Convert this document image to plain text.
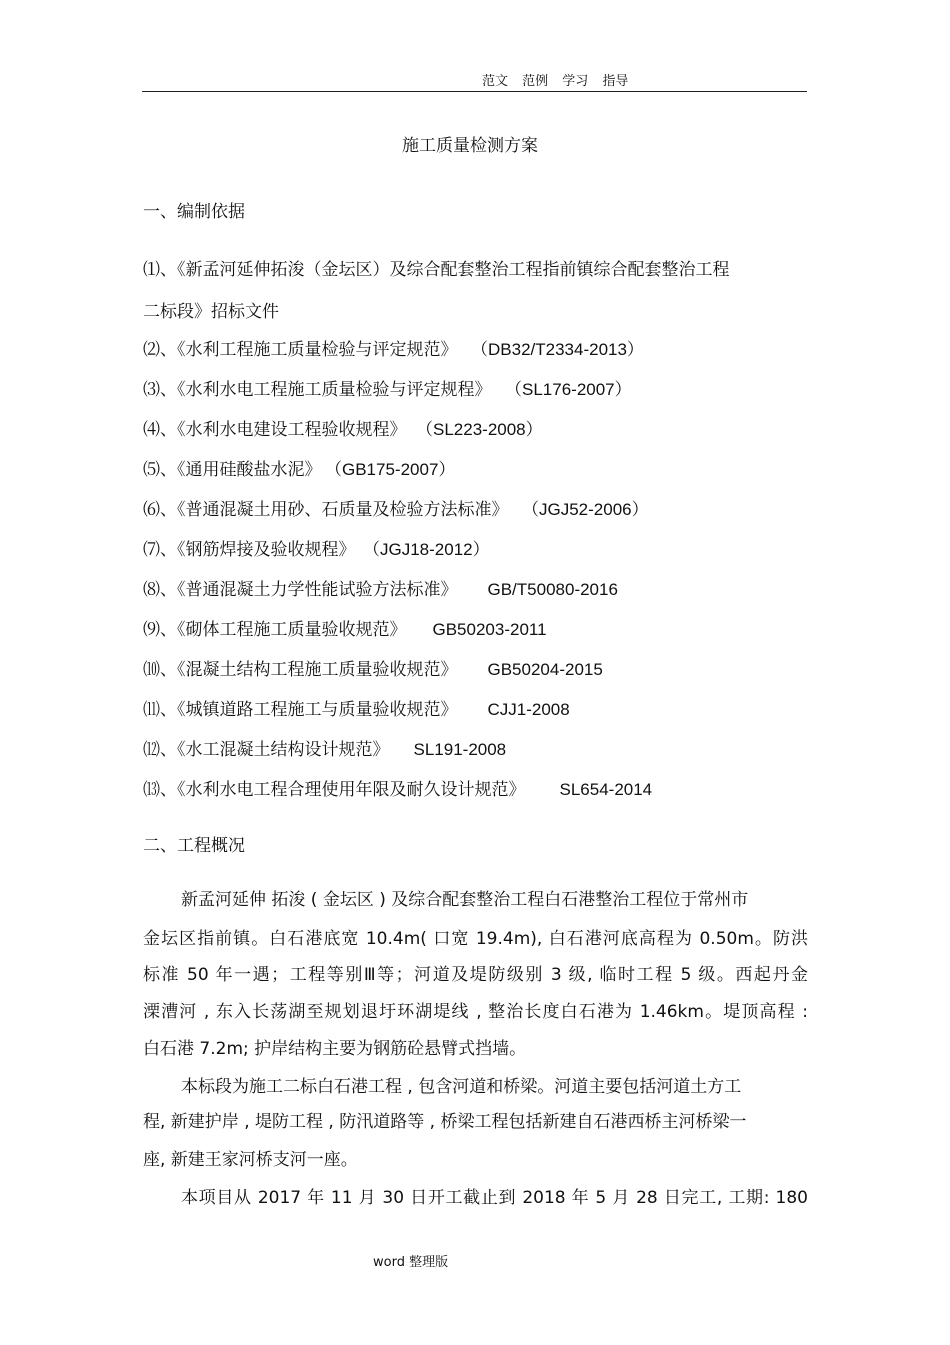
范文 范例 学习 指导
施工质量检测方案
一、编制依据
⑴、《新孟河延伸拓浚（金坛区）及综合配套整治工程指前镇综合配套整治工程
二标段》招标文件
⑵、《水利工程施工质量检验与评定规范》 （DB32/T2334-2013）
⑶、《水利水电工程施工质量检验与评定规程》 （SL176-2007）
⑷、《水利水电建设工程验收规程》 （SL223-2008）
⑸、《通用硅酸盐水泥》 （GB175-2007）
⑹、《普通混凝土用砂、石质量及检验方法标准》 （JGJ52-2006）
⑺、《钢筋焊接及验收规程》 （JGJ18-2012）
⑻、《普通混凝土力学性能试验方法标准》 GB/T50080-2016
⑼、《砌体工程施工质量验收规范》 GB50203-2011
⑽、《混凝土结构工程施工质量验收规范》 GB50204-2015
⑾、《城镇道路工程施工与质量验收规范》 CJJ1-2008
⑿、《水工混凝土结构设计规范》 SL191-2008
⒀、《水利水电工程合理使用年限及耐久设计规范》 SL654-2014
二、工程概况
新孟河延伸 拓浚 ( 金坛区 ) 及综合配套整治工程白石港整治工程位于常州市
金坛区指前镇。白石港底宽 10.4m( 口宽 19.4m), 白石港河底高程为 0.50m。防洪
标准 50 年一遇；工程等别Ⅲ等；河道及堤防级别 3 级, 临时工程 5 级。西起丹金
溧漕河 , 东入长荡湖至规划退圩环湖堤线 , 整治长度白石港为 1.46km。堤顶高程 :
白石港 7.2m; 护岸结构主要为钢筋砼悬臂式挡墙。
本标段为施工二标白石港工程 , 包含河道和桥梁。河道主要包括河道土方工
程, 新建护岸 , 堤防工程 , 防汛道路等 , 桥梁工程包括新建自石港西桥主河桥梁一
座, 新建王家河桥支河一座。
本项目从 2017 年 11 月 30 日开工截止到 2018 年 5 月 28 日完工, 工期: 180
word 整理版
